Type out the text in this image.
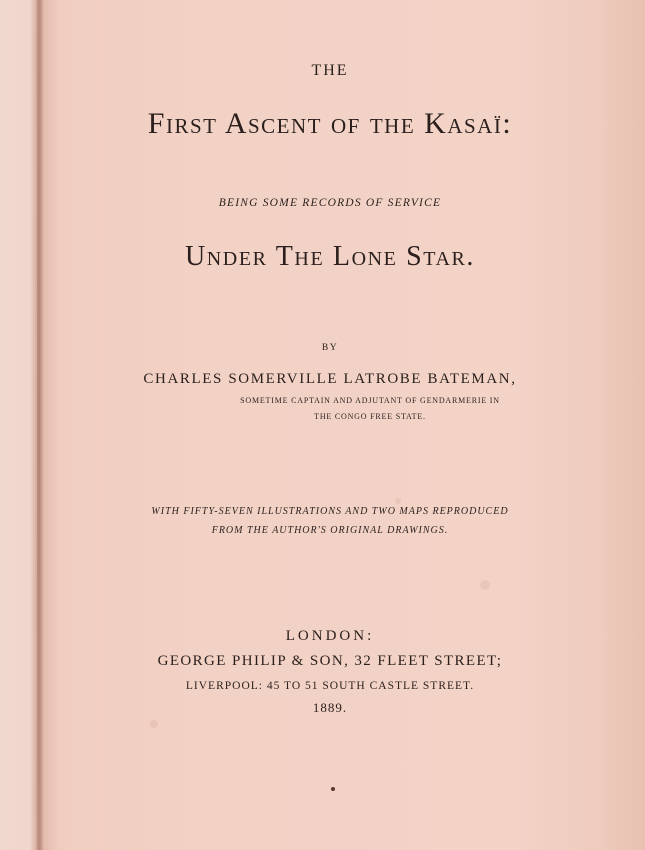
THE
First Ascent of the Kasaï:
BEING SOME RECORDS OF SERVICE
Under The Lone Star.
BY
CHARLES SOMERVILLE LATROBE BATEMAN,
SOMETIME CAPTAIN AND ADJUTANT OF GENDARMERIE IN
THE CONGO FREE STATE.
WITH FIFTY-SEVEN ILLUSTRATIONS AND TWO MAPS REPRODUCED
FROM THE AUTHOR'S ORIGINAL DRAWINGS.
LONDON:
GEORGE PHILIP & SON, 32 FLEET STREET;
LIVERPOOL: 45 TO 51 SOUTH CASTLE STREET.
1889.
